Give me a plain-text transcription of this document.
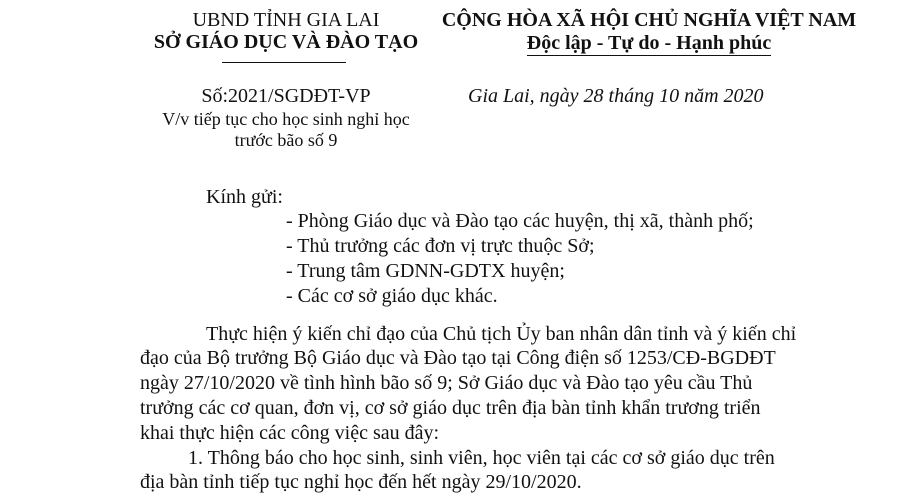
UBND TỈNH GIA LAI
SỞ GIÁO DỤC VÀ ĐÀO TẠO
CỘNG HÒA XÃ HỘI CHỦ NGHĨA VIỆT NAM
Độc lập - Tự do - Hạnh phúc
Số:2021/SGDĐT-VP
V/v tiếp tục cho học sinh nghỉ học
trước bão số 9
Gia Lai, ngày 28 tháng 10 năm 2020
Kính gửi:
- Phòng Giáo dục và Đào tạo các huyện, thị xã, thành phố;
- Thủ trưởng các đơn vị trực thuộc Sở;
- Trung tâm GDNN-GDTX huyện;
- Các cơ sở giáo dục khác.
Thực hiện ý kiến chỉ đạo của Chủ tịch Ủy ban nhân dân tỉnh và ý kiến chỉ
đạo của Bộ trưởng Bộ Giáo dục và Đào tạo tại Công điện số 1253/CĐ-BGDĐT
ngày 27/10/2020 về tình hình bão số 9; Sở Giáo dục và Đào tạo yêu cầu Thủ
trưởng các cơ quan, đơn vị, cơ sở giáo dục trên địa bàn tỉnh khẩn trương triển
khai thực hiện các công việc sau đây:
1. Thông báo cho học sinh, sinh viên, học viên tại các cơ sở giáo dục trên
địa bàn tỉnh tiếp tục nghỉ học đến hết ngày 29/10/2020.
